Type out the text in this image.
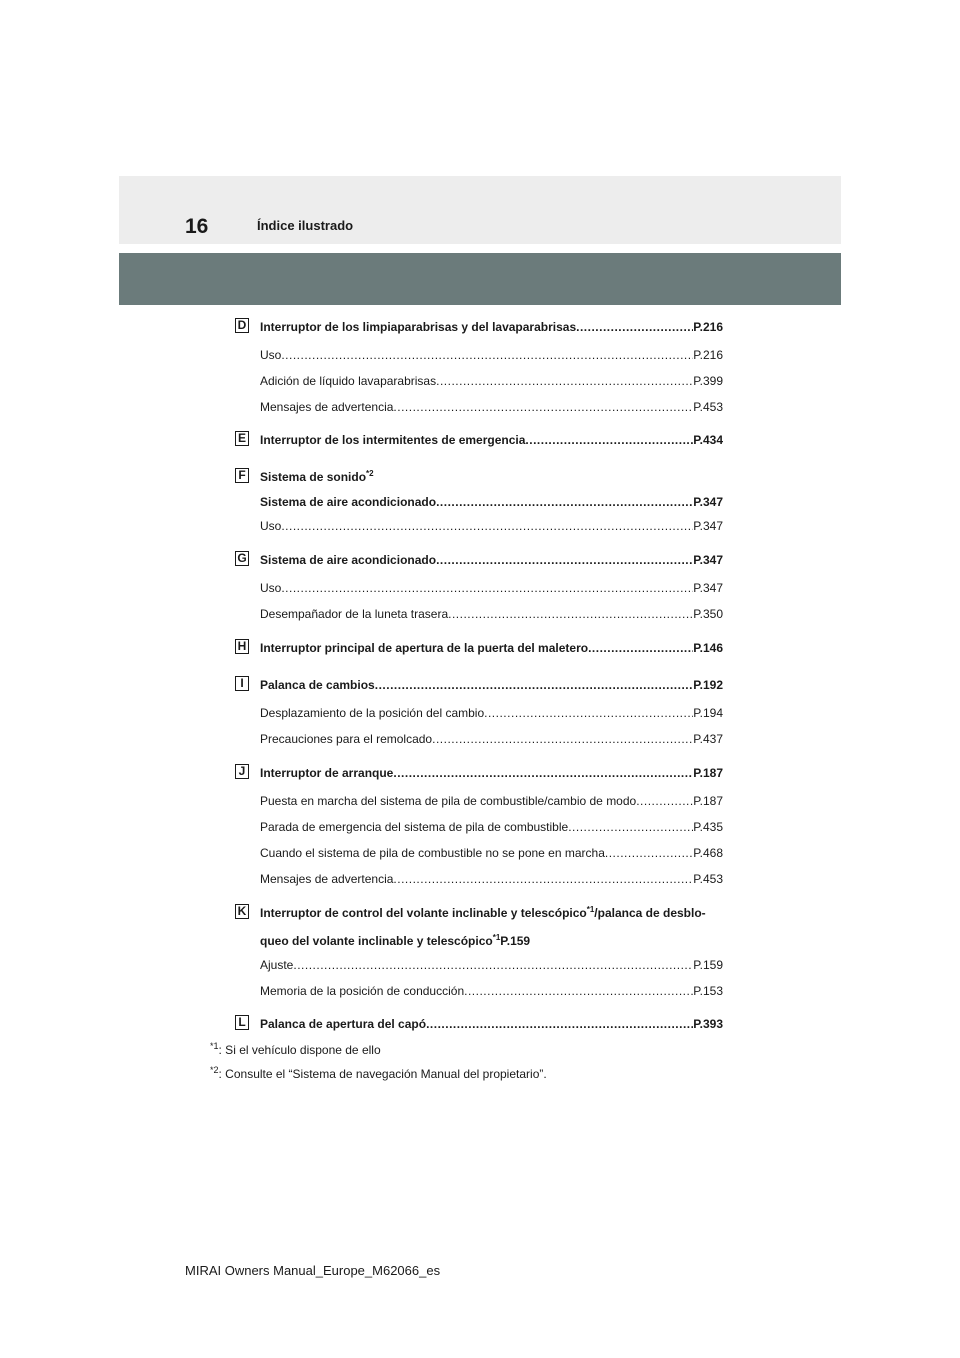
16	Índice ilustrado
D Interruptor de los limpiaparabrisas y del lavaparabrisas .....	P.216
Uso .....	P.216
Adición de líquido lavaparabrisas .....	P.399
Mensajes de advertencia .....	P.453
E Interruptor de los intermitentes de emergencia .....	P.434
F Sistema de sonido$^{*2}$
Sistema de aire acondicionado .....	P.347
Uso .....	P.347
G Sistema de aire acondicionado .....	P.347
Uso .....	P.347
Desempañador de la luneta trasera .....	P.350
H Interruptor principal de apertura de la puerta del maletero .....	P.146
I	Palanca de cambios .....	P.192
Desplazamiento de la posición del cambio .....	P.194
Precauciones para el remolcado .....	P.437
J	Interruptor de arranque .....	P.187
Puesta en marcha del sistema de pila de combustible/cambio de modo .....	P.187
Parada de emergencia del sistema de pila de combustible .....	P.435
Cuando el sistema de pila de combustible no se pone en marcha .....	P.468
Mensajes de advertencia .....	P.453
K Interruptor de control del volante inclinable y telescópico$^{*1}$/palanca de desblo-
queo del volante inclinable y telescópico$^{*1}$P.159
Ajuste .....	P.159
Memoria de la posición de conducción .....	P.153
L Palanca de apertura del capó .....	P.393
$^{*1}$: Si el vehículo dispone de ello
$^{*2}$: Consulte el “Sistema de navegación Manual del propietario”.
MIRAI Owners Manual_Europe_M62066_es
